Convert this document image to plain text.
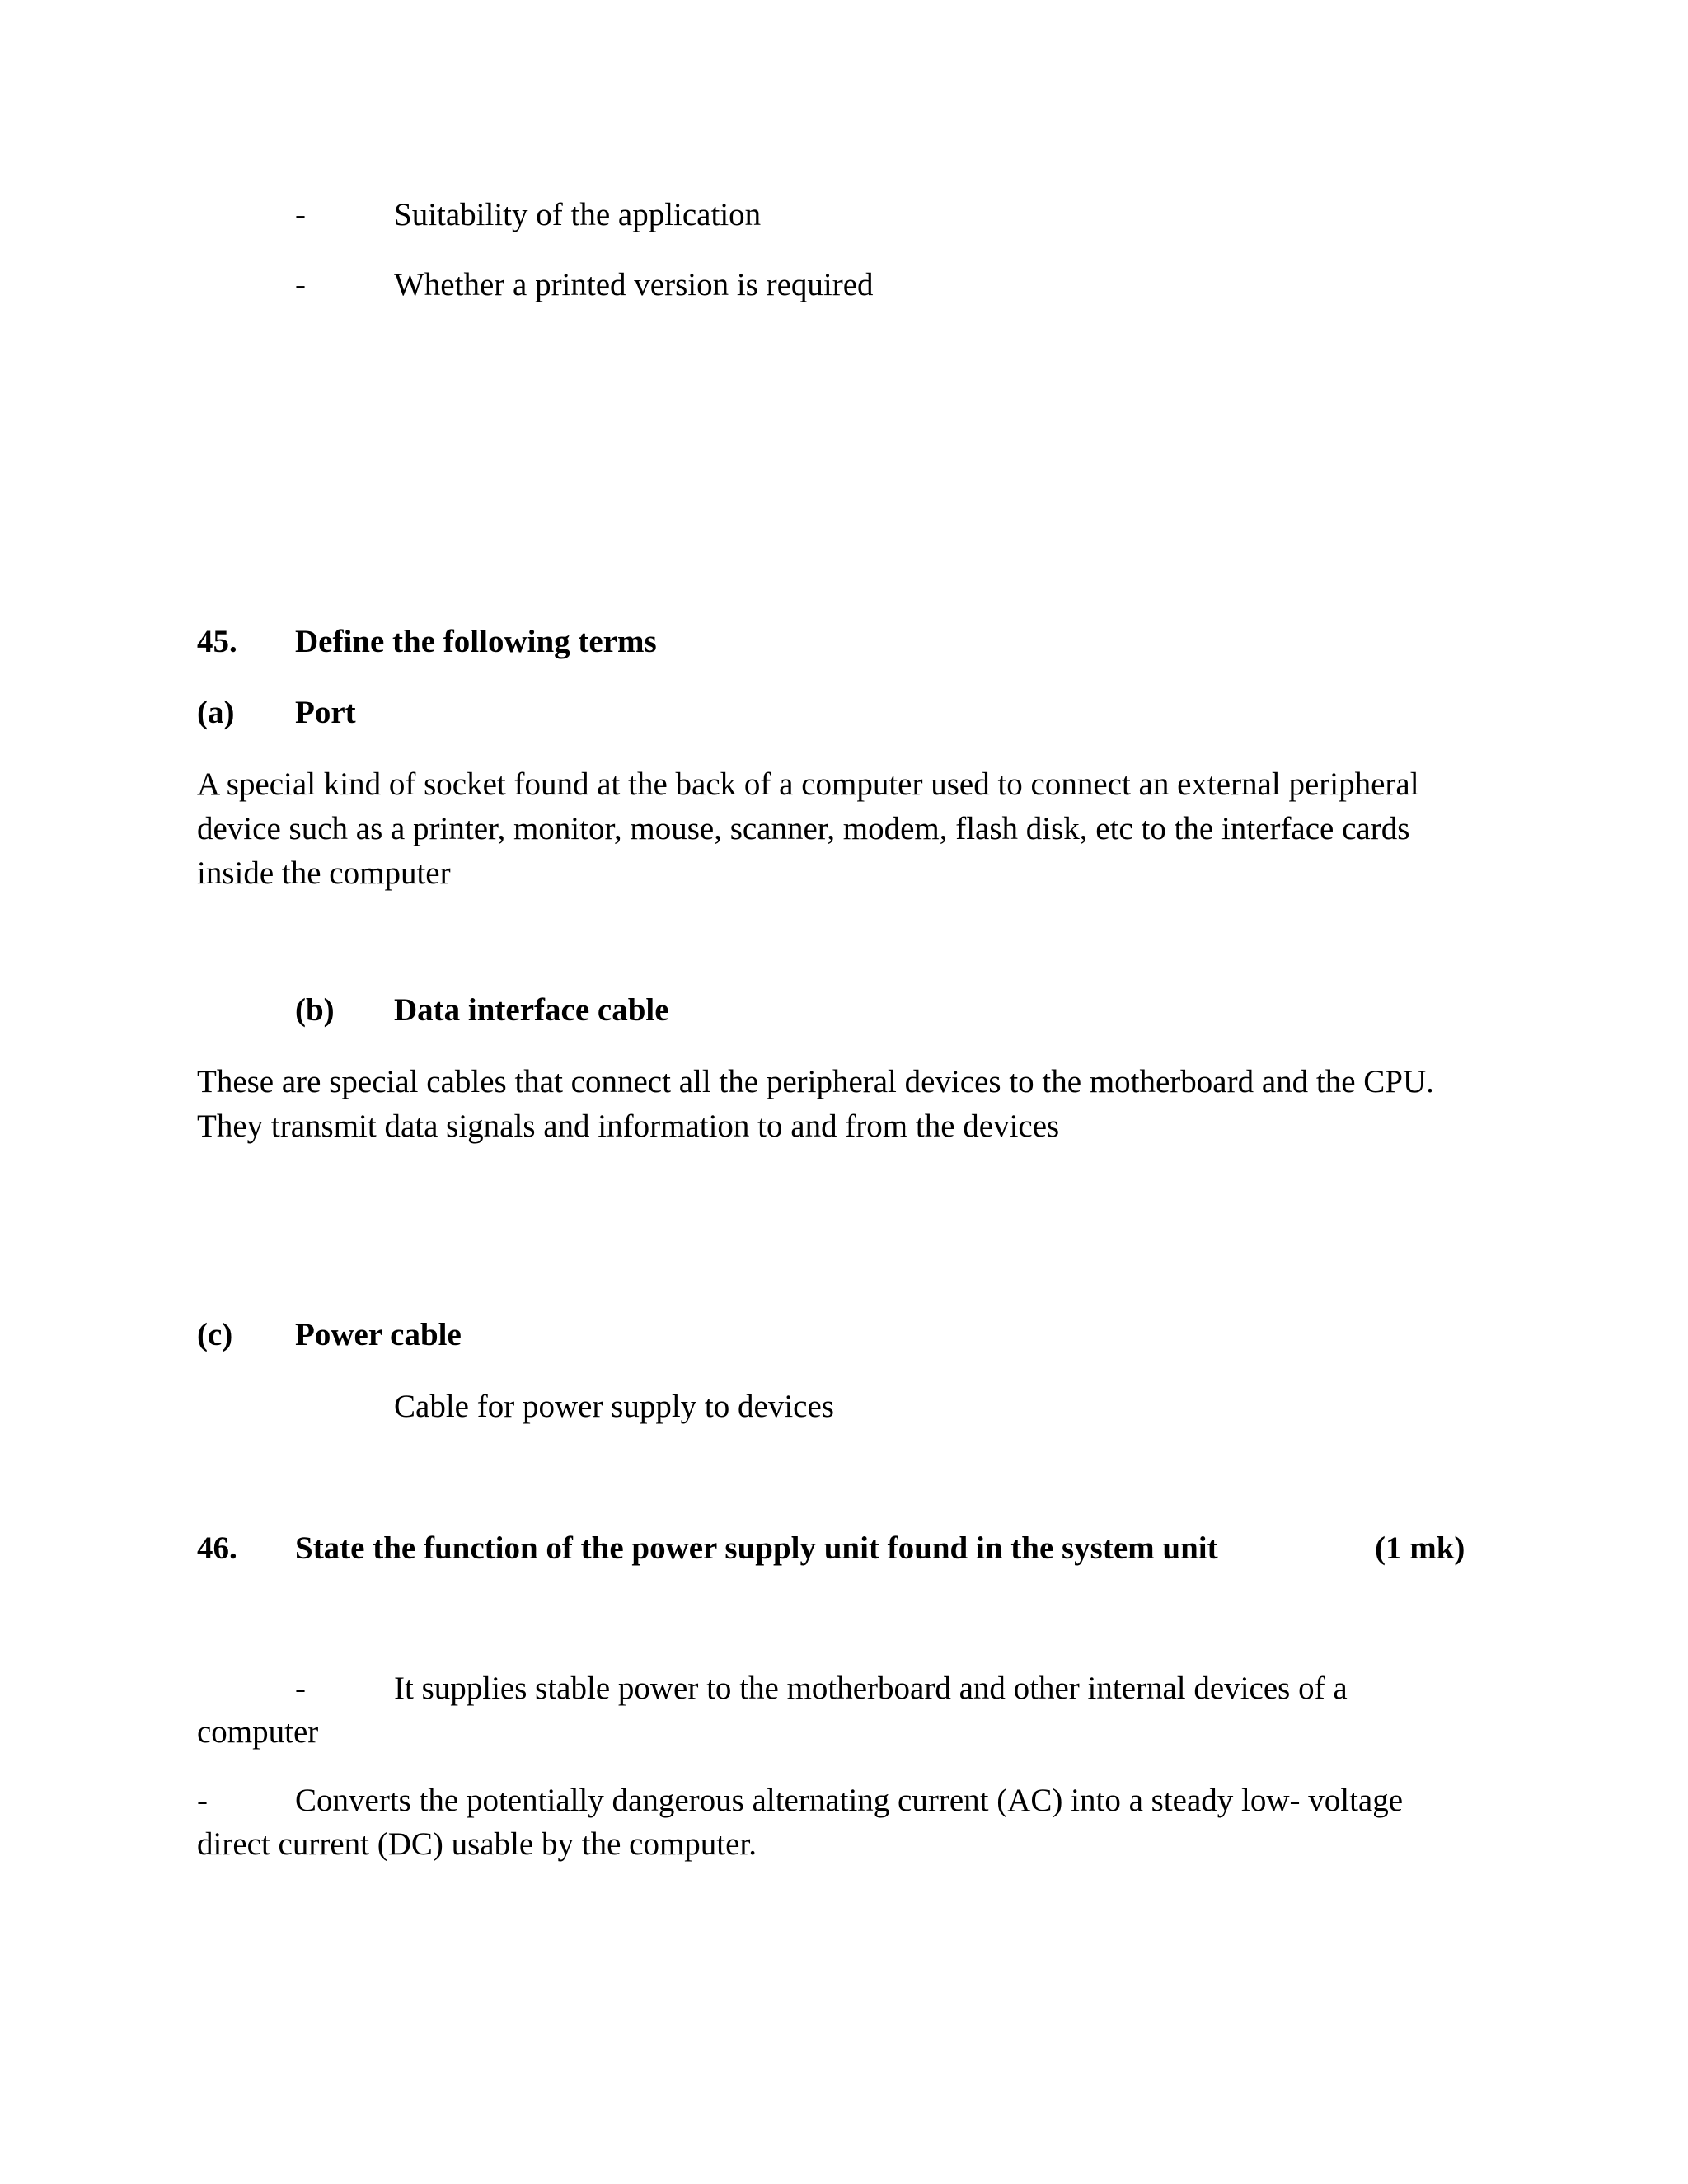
-	Suitability of the application
-	Whether a printed version is required
45. Define the following terms
(a) Port
A special kind of socket found at the back of a computer used to connect an external peripheral
device such as a printer, monitor, mouse, scanner, modem, flash disk, etc to the interface cards
inside the computer
(b) Data interface cable
These are special cables that connect all the peripheral devices to the motherboard and the CPU.
They transmit data signals and information to and from the devices
(c) Power cable
Cable for power supply to devices
46. State the function of the power supply unit found in the system unit	(1 mk)
-	It supplies stable power to the motherboard and other internal devices of a
computer
-	Converts the potentially dangerous alternating current (AC) into a steady low- voltage
direct current (DC) usable by the computer.
